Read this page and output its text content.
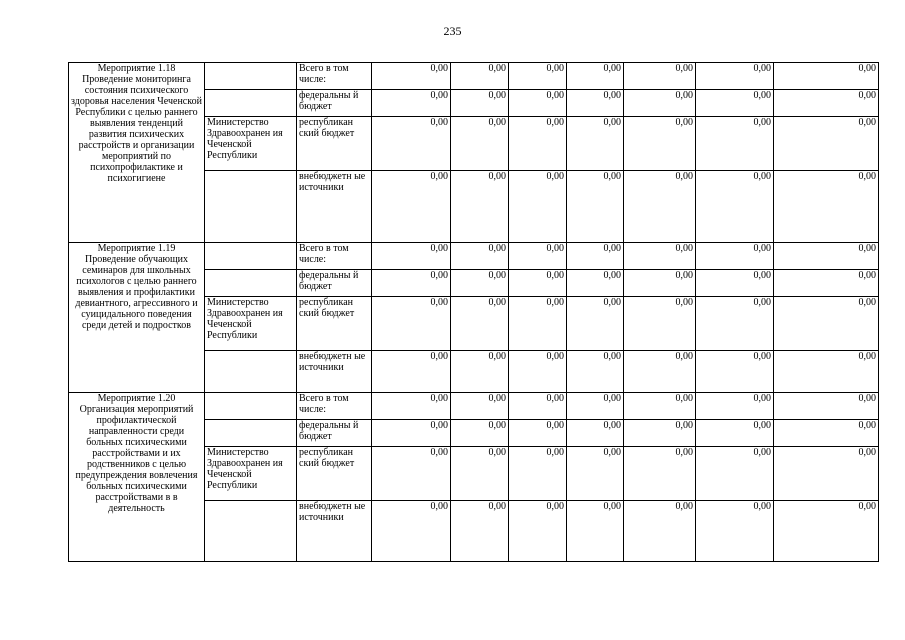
235
Мероприятие 1.18 Проведение мониторинга состояния психического здоровья населения Чеченской Республики с целью раннего выявления тенденций развития психических расстройств и организации мероприятий по психопрофилактике и психогигиене		Всего в том числе:	0,00	0,00	0,00	0,00	0,00	0,00	0,00
		федеральны й бюджет	0,00	0,00	0,00	0,00	0,00	0,00	0,00
	Министерство Здравоохранен ия Чеченской Республики	республикан ский бюджет	0,00	0,00	0,00	0,00	0,00	0,00	0,00
		внебюджетн ые источники	0,00	0,00	0,00	0,00	0,00	0,00	0,00
Мероприятие 1.19 Проведение обучающих семинаров для школьных психологов с целью раннего выявления и профилактики девиантного, агрессивного и суицидального поведения среди детей и подростков		Всего в том числе:	0,00	0,00	0,00	0,00	0,00	0,00	0,00
		федеральны й бюджет	0,00	0,00	0,00	0,00	0,00	0,00	0,00
	Министерство Здравоохранен ия Чеченской Республики	республикан ский бюджет	0,00	0,00	0,00	0,00	0,00	0,00	0,00
		внебюджетн ые источники	0,00	0,00	0,00	0,00	0,00	0,00	0,00
Мероприятие 1.20 Организация мероприятий профилактической направленности среди больных психическими расстройствами и их родственников с целью предупреждения вовлечения больных психическими расстройствами в в деятельность		Всего в том числе:	0,00	0,00	0,00	0,00	0,00	0,00	0,00
		федеральны й бюджет	0,00	0,00	0,00	0,00	0,00	0,00	0,00
	Министерство Здравоохранен ия Чеченской Республики	республикан ский бюджет	0,00	0,00	0,00	0,00	0,00	0,00	0,00
		внебюджетн ые источники	0,00	0,00	0,00	0,00	0,00	0,00	0,00
